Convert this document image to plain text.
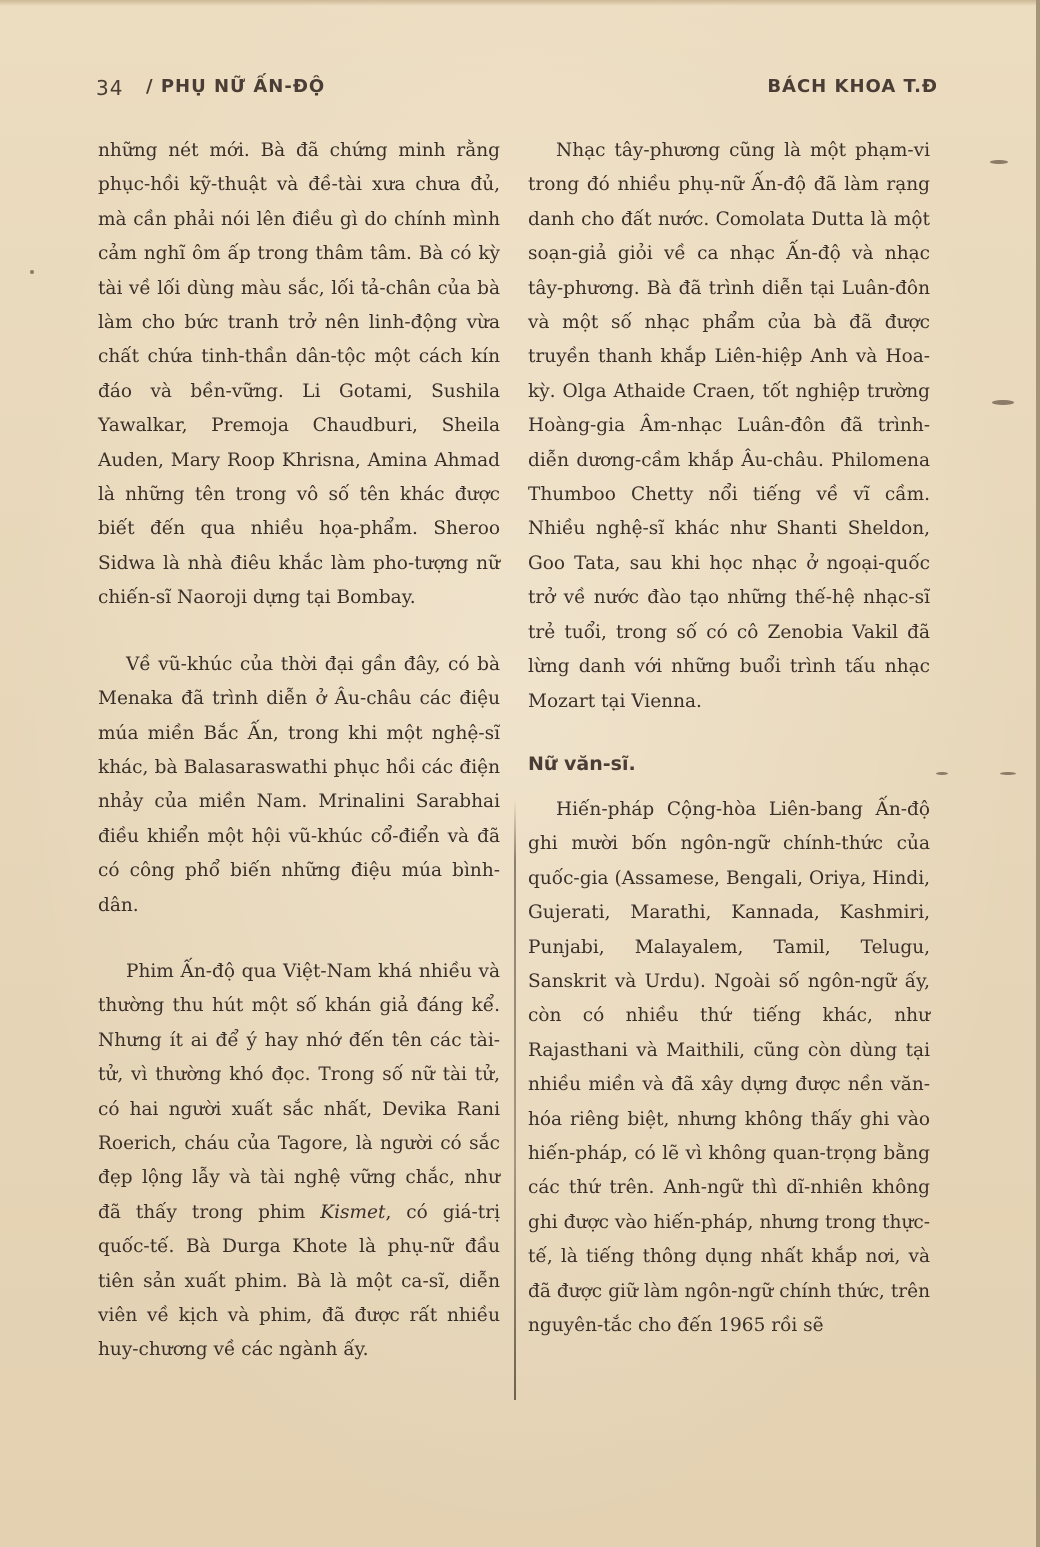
34 / PHỤ NỮ ẤN-ĐỘ	BÁCH KHOA T.Đ

những nét mới. Bà đã chứng minh rằng phục-hồi kỹ-thuật và đề-tài xưa chưa đủ, mà cần phải nói lên điều gì do chính mình cảm nghĩ ôm ấp trong thâm tâm. Bà có kỳ tài về lối dùng màu sắc, lối tả-chân của bà làm cho bức tranh trở nên linh-động vừa chất chứa tinh-thần dân-tộc một cách kín đáo và bền-vững. Li Gotami, Sushila Yawalkar, Premoja Chaudburi, Sheila Auden, Mary Roop Khrisna, Amina Ahmad là những tên trong vô số tên khác được biết đến qua nhiều họa-phẩm. Sheroo Sidwa là nhà điêu khắc làm pho-tượng nữ chiến-sĩ Naoroji dựng tại Bombay.

Về vũ-khúc của thời đại gần đây, có bà Menaka đã trình diễn ở Âu-châu các điệu múa miền Bắc Ấn, trong khi một nghệ-sĩ khác, bà Balasaraswathi phục hồi các điện nhảy của miền Nam. Mrinalini Sarabhai điều khiển một hội vũ-khúc cổ-điển và đã có công phổ biến những điệu múa bình-dân.

Phim Ấn-độ qua Việt-Nam khá nhiều và thường thu hút một số khán giả đáng kể. Nhưng ít ai để ý hay nhớ đến tên các tài-tử, vì thường khó đọc. Trong số nữ tài tử, có hai người xuất sắc nhất, Devika Rani Roerich, cháu của Tagore, là người có sắc đẹp lộng lẫy và tài nghệ vững chắc, như đã thấy trong phim Kismet, có giá-trị quốc-tế. Bà Durga Khote là phụ-nữ đầu tiên sản xuất phim. Bà là một ca-sĩ, diễn viên về kịch và phim, đã được rất nhiều huy-chương về các ngành ấy.

Nhạc tây-phương cũng là một phạm-vi trong đó nhiều phụ-nữ Ấn-độ đã làm rạng danh cho đất nước. Comolata Dutta là một soạn-giả giỏi về ca nhạc Ấn-độ và nhạc tây-phương. Bà đã trình diễn tại Luân-đôn và một số nhạc phẩm của bà đã được truyền thanh khắp Liên-hiệp Anh và Hoa-kỳ. Olga Athaide Craen, tốt nghiệp trường Hoàng-gia Âm-nhạc Luân-đôn đã trình-diễn dương-cầm khắp Âu-châu. Philomena Thumboo Chetty nổi tiếng về vĩ cầm. Nhiều nghệ-sĩ khác như Shanti Sheldon, Goo Tata, sau khi học nhạc ở ngoại-quốc trở về nước đào tạo những thế-hệ nhạc-sĩ trẻ tuổi, trong số có cô Zenobia Vakil đã lừng danh với những buổi trình tấu nhạc Mozart tại Vienna.

Nữ văn-sĩ.

Hiến-pháp Cộng-hòa Liên-bang Ấn-độ ghi mười bốn ngôn-ngữ chính-thức của quốc-gia (Assamese, Bengali, Oriya, Hindi, Gujerati, Marathi, Kannada, Kashmiri, Punjabi, Malayalem, Tamil, Telugu, Sanskrit và Urdu). Ngoài số ngôn-ngữ ấy, còn có nhiều thứ tiếng khác, như Rajasthani và Maithili, cũng còn dùng tại nhiều miền và đã xây dựng được nền văn-hóa riêng biệt, nhưng không thấy ghi vào hiến-pháp, có lẽ vì không quan-trọng bằng các thứ trên. Anh-ngữ thì dĩ-nhiên không ghi được vào hiến-pháp, nhưng trong thực-tế, là tiếng thông dụng nhất khắp nơi, và đã được giữ làm ngôn-ngữ chính thức, trên nguyên-tắc cho đến 1965 rồi sẽ
